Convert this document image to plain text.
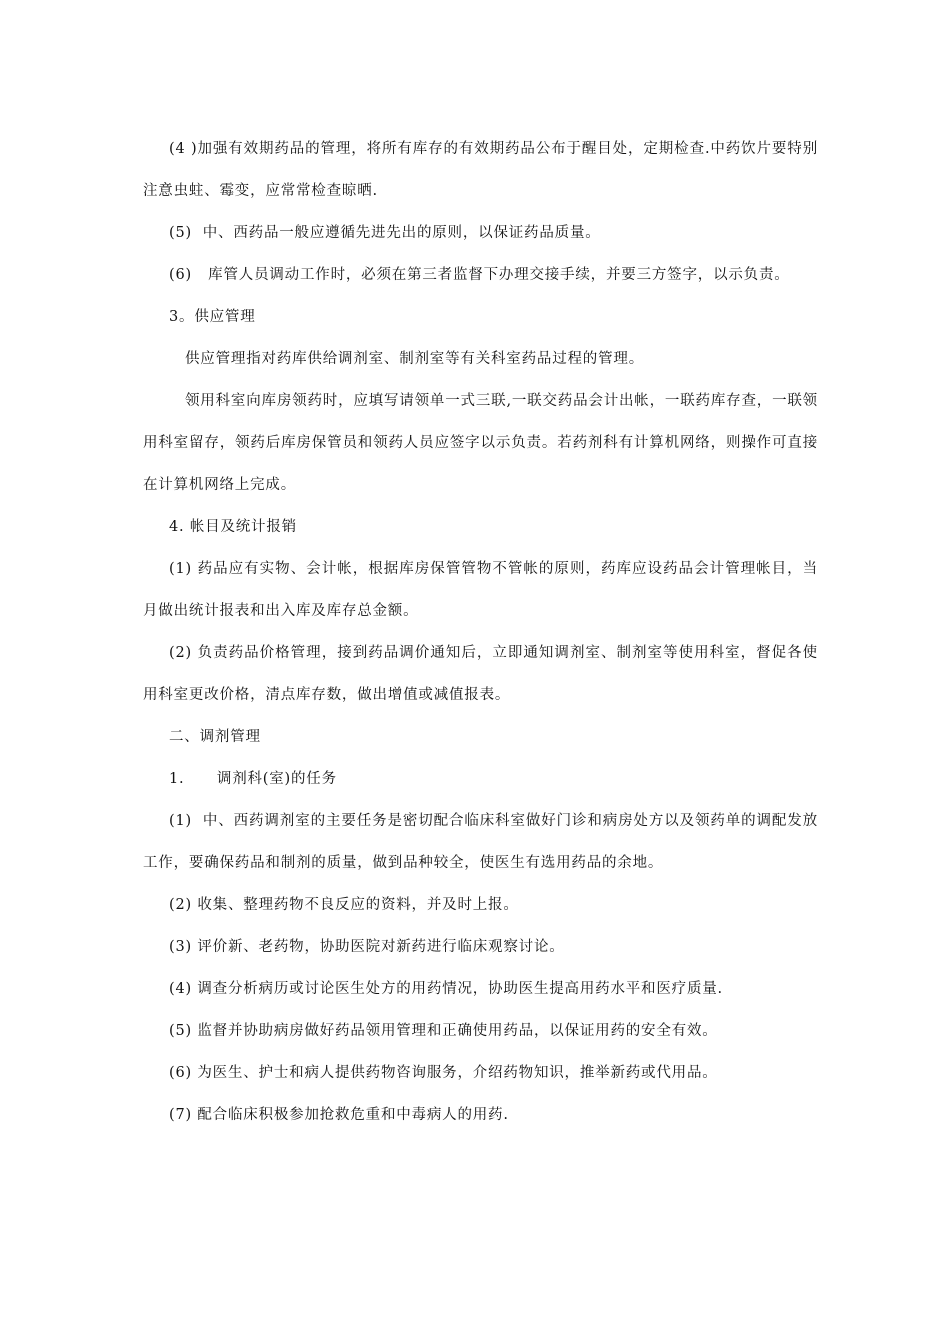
(4 )加强有效期药品的管理，将所有库存的有效期药品公布于醒目处，定期检查.中药饮片要特别注意虫蛀、霉变，应常常检查晾晒.

(5)  中、西药品一般应遵循先进先出的原则，以保证药品质量。

(6)   库管人员调动工作时，必须在第三者监督下办理交接手续，并要三方签字，以示负责。

3。供应管理

供应管理指对药库供给调剂室、制剂室等有关科室药品过程的管理。

领用科室向库房领药时，应填写请领单一式三联,一联交药品会计出帐，一联药库存查，一联领用科室留存，领药后库房保管员和领药人员应签字以示负责。若药剂科有计算机网络，则操作可直接在计算机网络上完成。

4. 帐目及统计报销

(1) 药品应有实物、会计帐，根据库房保管管物不管帐的原则，药库应设药品会计管理帐目，当月做出统计报表和出入库及库存总金额。

(2) 负责药品价格管理，接到药品调价通知后，立即通知调剂室、制剂室等使用科室，督促各使用科室更改价格，清点库存数，做出增值或减值报表。

二、调剂管理

1.      调剂科(室)的任务

(1)  中、西药调剂室的主要任务是密切配合临床科室做好门诊和病房处方以及领药单的调配发放工作，要确保药品和制剂的质量，做到品种较全，使医生有选用药品的余地。

(2) 收集、整理药物不良反应的资料，并及时上报。

(3) 评价新、老药物，协助医院对新药进行临床观察讨论。

(4) 调查分析病历或讨论医生处方的用药情况，协助医生提高用药水平和医疗质量.

(5) 监督并协助病房做好药品领用管理和正确使用药品，以保证用药的安全有效。

(6) 为医生、护士和病人提供药物咨询服务，介绍药物知识，推举新药或代用品。

(7) 配合临床积极参加抢救危重和中毒病人的用药.
